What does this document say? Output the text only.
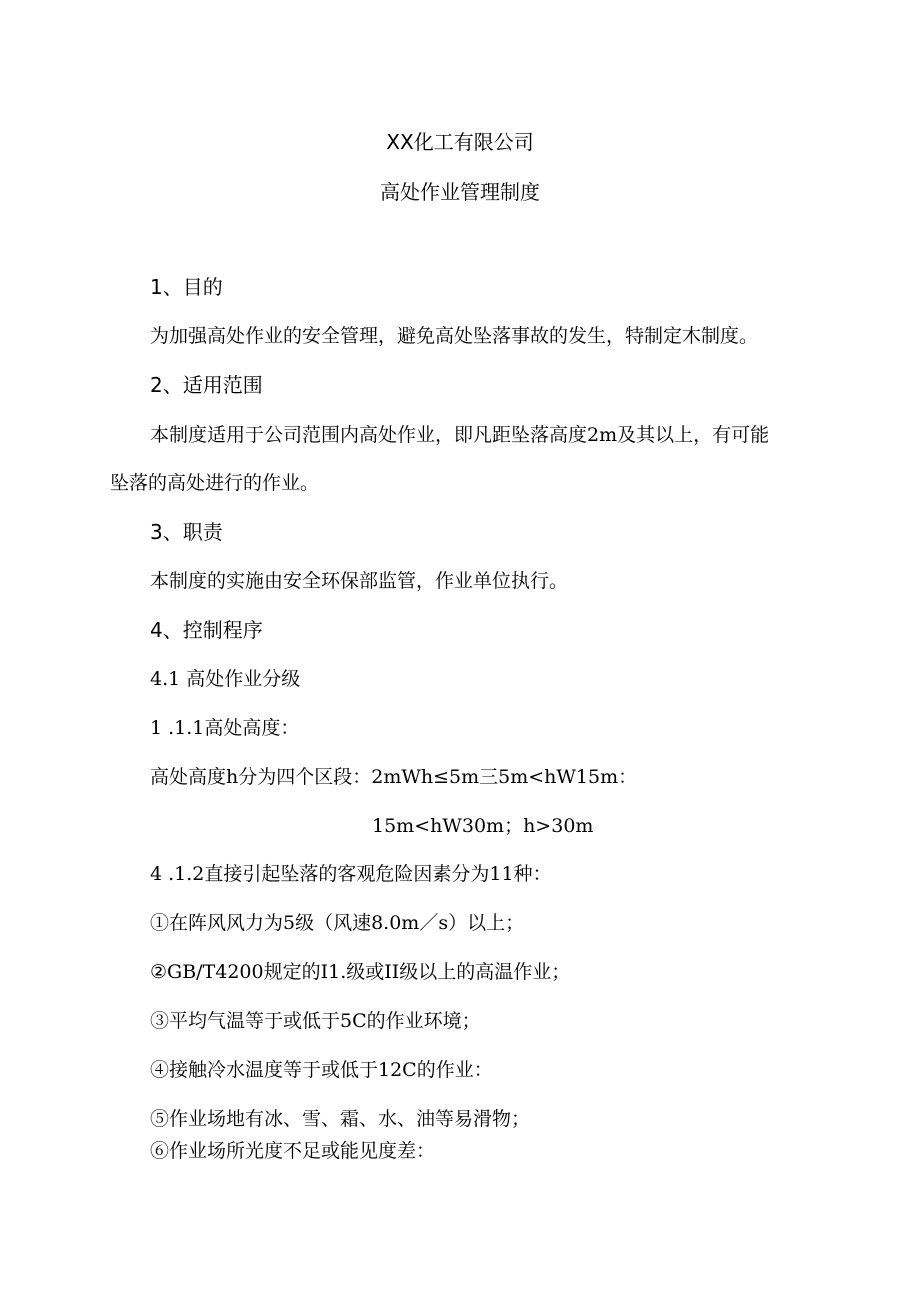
XX化工有限公司
高处作业管理制度
1、目的
为加强高处作业的安全管理，避免高处坠落事故的发生，特制定木制度。
2、适用范围
本制度适用于公司范围内高处作业，即凡距坠落高度2m及其以上，有可能
坠落的高处进行的作业。
3、职责
本制度的实施由安全环保部监管，作业单位执行。
4、控制程序
4.1 高处作业分级
1 .1.1高处高度：
高处高度h分为四个区段：2mWh≤5m三5m<hW15m：
15m<hW30m；h>30m
4 .1.2直接引起坠落的客观危险因素分为11种：
①在阵风风力为5级（风速8.0m／s）以上；
②GB/T4200规定的I1.级或II级以上的高温作业；
③平均气温等于或低于5C的作业环境；
④接触冷水温度等于或低于12C的作业：
⑤作业场地有冰、雪、霜、水、油等易滑物；
⑥作业场所光度不足或能见度差：
